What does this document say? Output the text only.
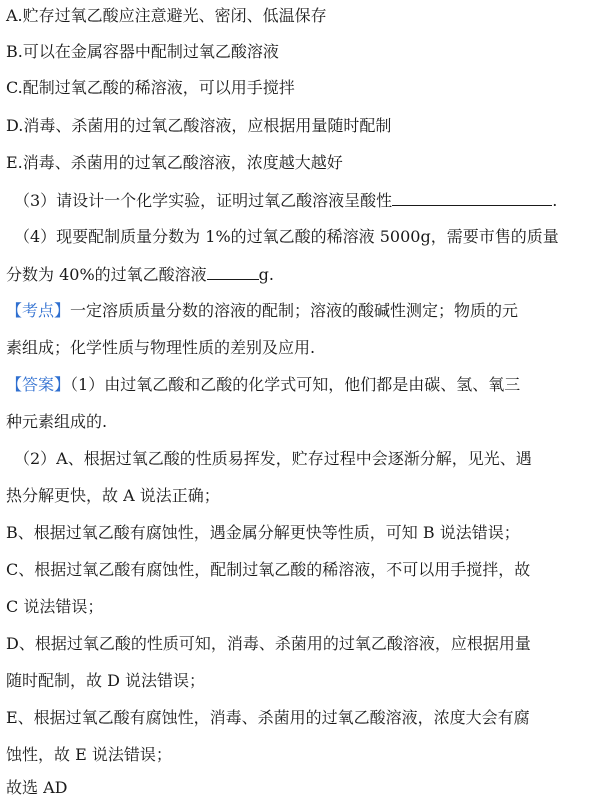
A.贮存过氧乙酸应注意避光、密闭、低温保存
B.可以在金属容器中配制过氧乙酸溶液
C.配制过氧乙酸的稀溶液，可以用手搅拌
D.消毒、杀菌用的过氧乙酸溶液，应根据用量随时配制
E.消毒、杀菌用的过氧乙酸溶液，浓度越大越好
（3）请设计一个化学实验，证明过氧乙酸溶液呈酸性	.
（4）现要配制质量分数为 1%的过氧乙酸的稀溶液 5000g，需要市售的质量
分数为 40%的过氧乙酸溶液	g.
【考点】一定溶质质量分数的溶液的配制；溶液的酸碱性测定；物质的元
素组成；化学性质与物理性质的差别及应用.
【答案】（1）由过氧乙酸和乙酸的化学式可知，他们都是由碳、氢、氧三
种元素组成的.
（2）A、根据过氧乙酸的性质易挥发，贮存过程中会逐渐分解，见光、遇
热分解更快，故 A 说法正确；
B、根据过氧乙酸有腐蚀性，遇金属分解更快等性质，可知 B 说法错误；
C、根据过氧乙酸有腐蚀性，配制过氧乙酸的稀溶液，不可以用手搅拌，故
C 说法错误；
D、根据过氧乙酸的性质可知，消毒、杀菌用的过氧乙酸溶液，应根据用量
随时配制，故 D 说法错误；
E、根据过氧乙酸有腐蚀性，消毒、杀菌用的过氧乙酸溶液，浓度大会有腐
蚀性，故 E 说法错误；
故选 AD
